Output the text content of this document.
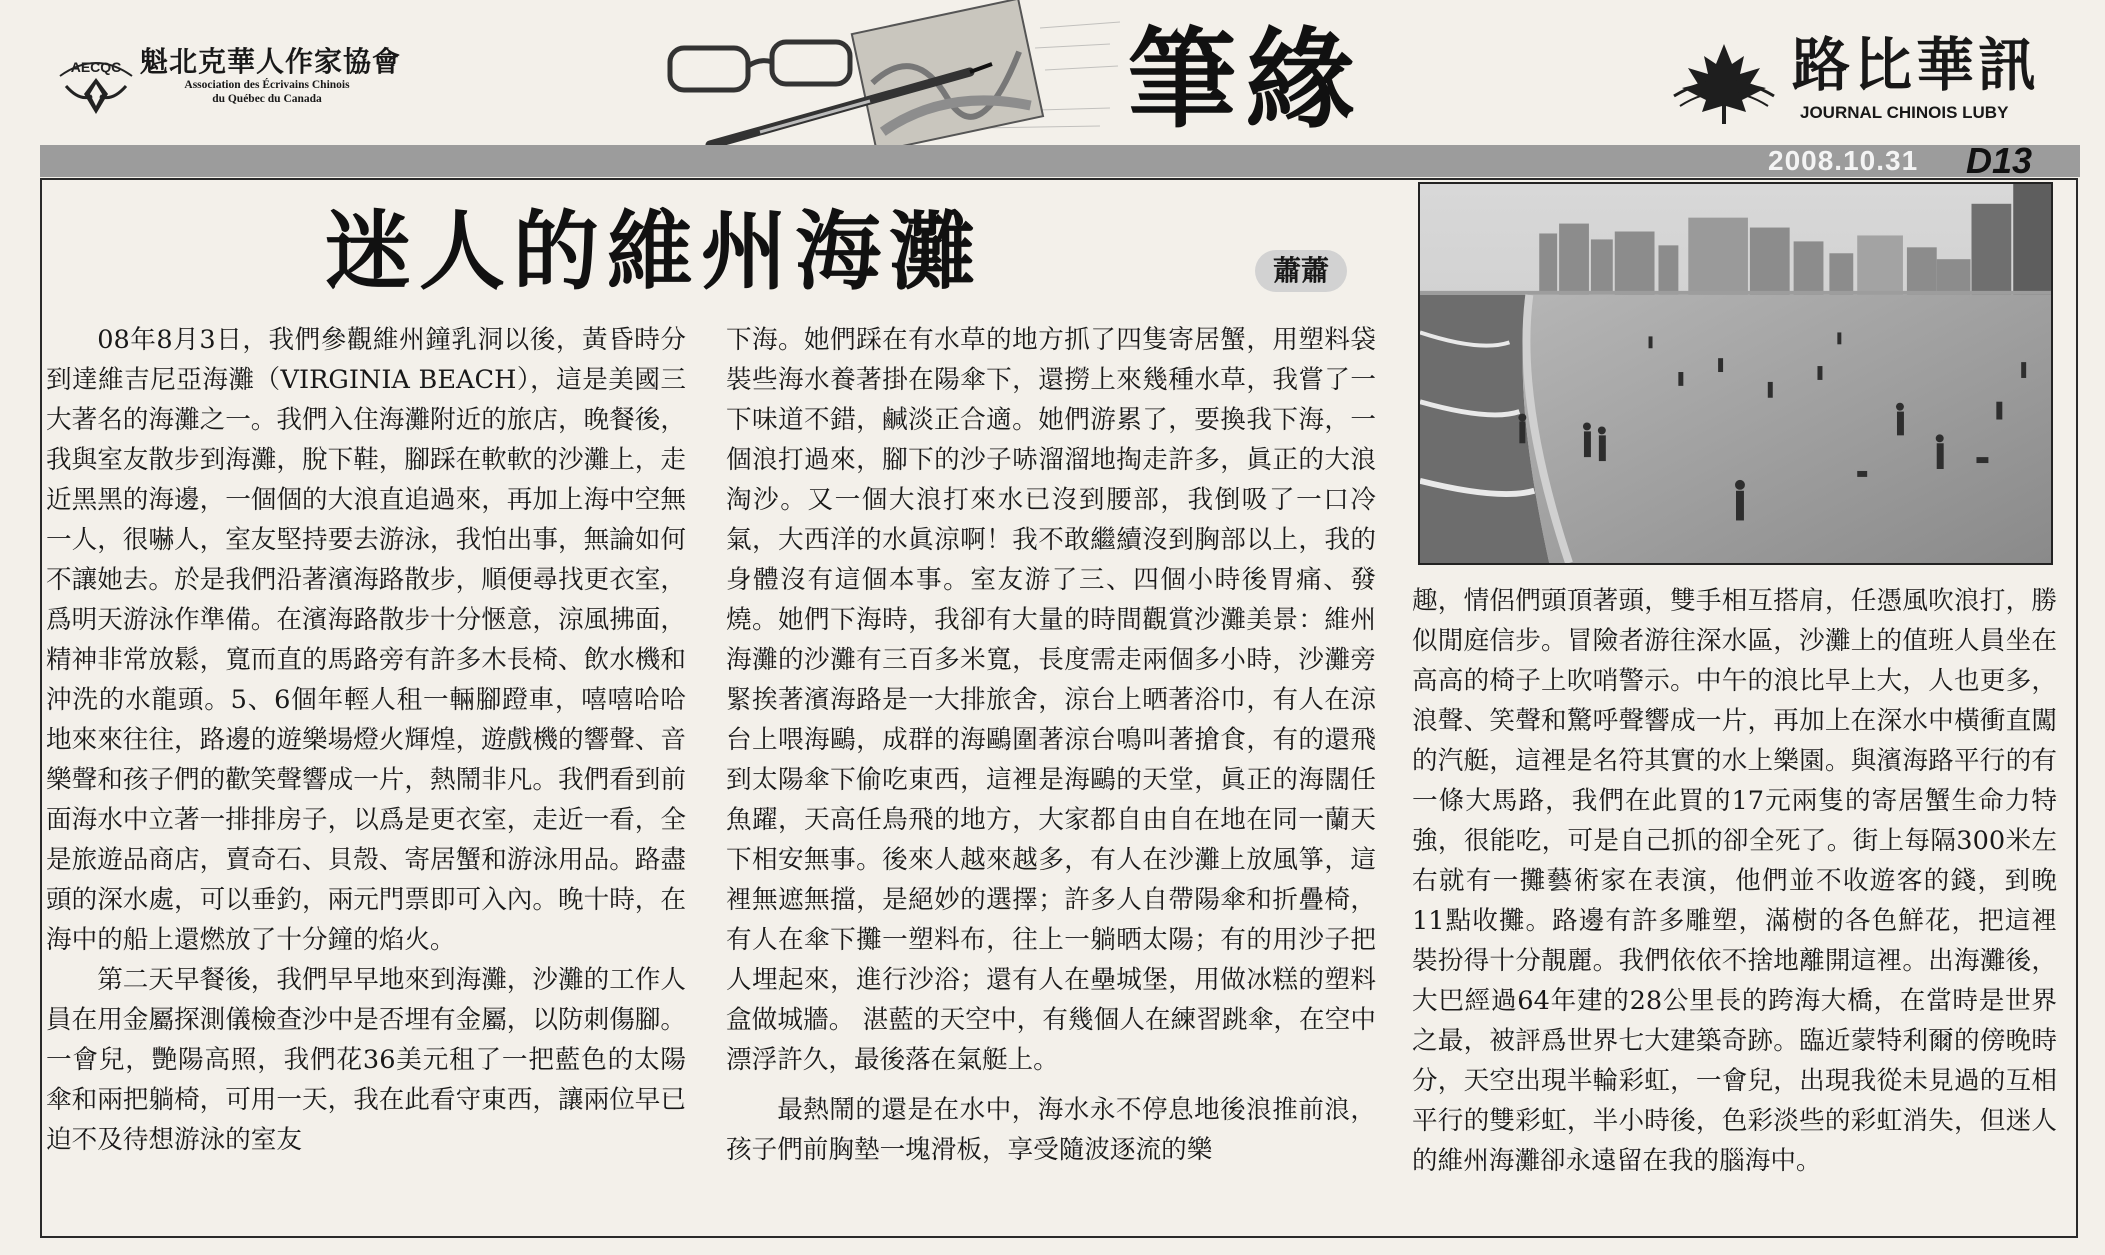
AECQC 魁北克華人作家協會
Association des Écrivains Chinois
du Québec du Canada	筆緣	路比華訊
JOURNAL CHINOIS LUBY
2008.10.31 D13
迷人的維州海灘	蕭蕭

08年8月3日，我們參觀維州鐘乳洞以後，黃昏時分到達維吉尼亞海灘（VIRGINIA BEACH），這是美國三大著名的海灘之一。我們入住海灘附近的旅店，晚餐後，我與室友散步到海灘，脫下鞋，腳踩在軟軟的沙灘上，走近黑黑的海邊，一個個的大浪直追過來，再加上海中空無一人，很嚇人，室友堅持要去游泳，我怕出事，無論如何不讓她去。於是我們沿著濱海路散步，順便尋找更衣室，爲明天游泳作準備。在濱海路散步十分愜意，涼風拂面，精神非常放鬆，寬而直的馬路旁有許多木長椅、飲水機和沖洗的水龍頭。5、6個年輕人租一輛腳蹬車，嘻嘻哈哈地來來往往，路邊的遊樂場燈火輝煌，遊戲機的響聲、音樂聲和孩子們的歡笑聲響成一片，熱鬧非凡。我們看到前面海水中立著一排排房子，以爲是更衣室，走近一看，全是旅遊品商店，賣奇石、貝殼、寄居蟹和游泳用品。路盡頭的深水處，可以垂釣，兩元門票即可入內。晚十時，在海中的船上還燃放了十分鐘的焰火。

第二天早餐後，我們早早地來到海灘，沙灘的工作人員在用金屬探測儀檢查沙中是否埋有金屬，以防刺傷腳。一會兒，艷陽高照，我們花36美元租了一把藍色的太陽傘和兩把躺椅，可用一天，我在此看守東西，讓兩位早已迫不及待想游泳的室友

下海。她們踩在有水草的地方抓了四隻寄居蟹，用塑料袋裝些海水養著掛在陽傘下，還撈上來幾種水草，我嘗了一下味道不錯，鹹淡正合適。她們游累了，要換我下海，一個浪打過來，腳下的沙子哧溜溜地掏走許多，眞正的大浪淘沙。又一個大浪打來水已沒到腰部，我倒吸了一口冷氣，大西洋的水眞涼啊！我不敢繼續沒到胸部以上，我的身體沒有這個本事。室友游了三、四個小時後胃痛、發燒。她們下海時，我卻有大量的時間觀賞沙灘美景：維州海灘的沙灘有三百多米寬，長度需走兩個多小時，沙灘旁緊挨著濱海路是一大排旅舍，涼台上晒著浴巾，有人在涼台上喂海鷗，成群的海鷗圍著涼台鳴叫著搶食，有的還飛到太陽傘下偷吃東西，這裡是海鷗的天堂，眞正的海闊任魚躍，天高任鳥飛的地方，大家都自由自在地在同一蘭天下相安無事。後來人越來越多，有人在沙灘上放風箏，這裡無遮無擋，是絕妙的選擇；許多人自帶陽傘和折疊椅，有人在傘下攤一塑料布，往上一躺晒太陽；有的用沙子把人埋起來，進行沙浴；還有人在壘城堡，用做冰糕的塑料盒做城牆。 湛藍的天空中，有幾個人在練習跳傘，在空中漂浮許久，最後落在氣艇上。

最熱鬧的還是在水中，海水永不停息地後浪推前浪，孩子們前胸墊一塊滑板，享受隨波逐流的樂

趣，情侶們頭頂著頭，雙手相互搭肩，任憑風吹浪打，勝似閒庭信步。冒險者游往深水區，沙灘上的值班人員坐在高高的椅子上吹哨警示。中午的浪比早上大，人也更多，浪聲、笑聲和驚呼聲響成一片，再加上在深水中橫衝直闖的汽艇，這裡是名符其實的水上樂園。與濱海路平行的有一條大馬路，我們在此買的17元兩隻的寄居蟹生命力特強，很能吃，可是自己抓的卻全死了。街上每隔300米左右就有一攤藝術家在表演，他們並不收遊客的錢，到晚11點收攤。路邊有許多雕塑，滿樹的各色鮮花，把這裡裝扮得十分靚麗。我們依依不捨地離開這裡。出海灘後，大巴經過64年建的28公里長的跨海大橋，在當時是世界之最，被評爲世界七大建築奇跡。臨近蒙特利爾的傍晚時分，天空出現半輪彩虹，一會兒，出現我從未見過的互相平行的雙彩虹，半小時後，色彩淡些的彩虹消失，但迷人的維州海灘卻永遠留在我的腦海中。
